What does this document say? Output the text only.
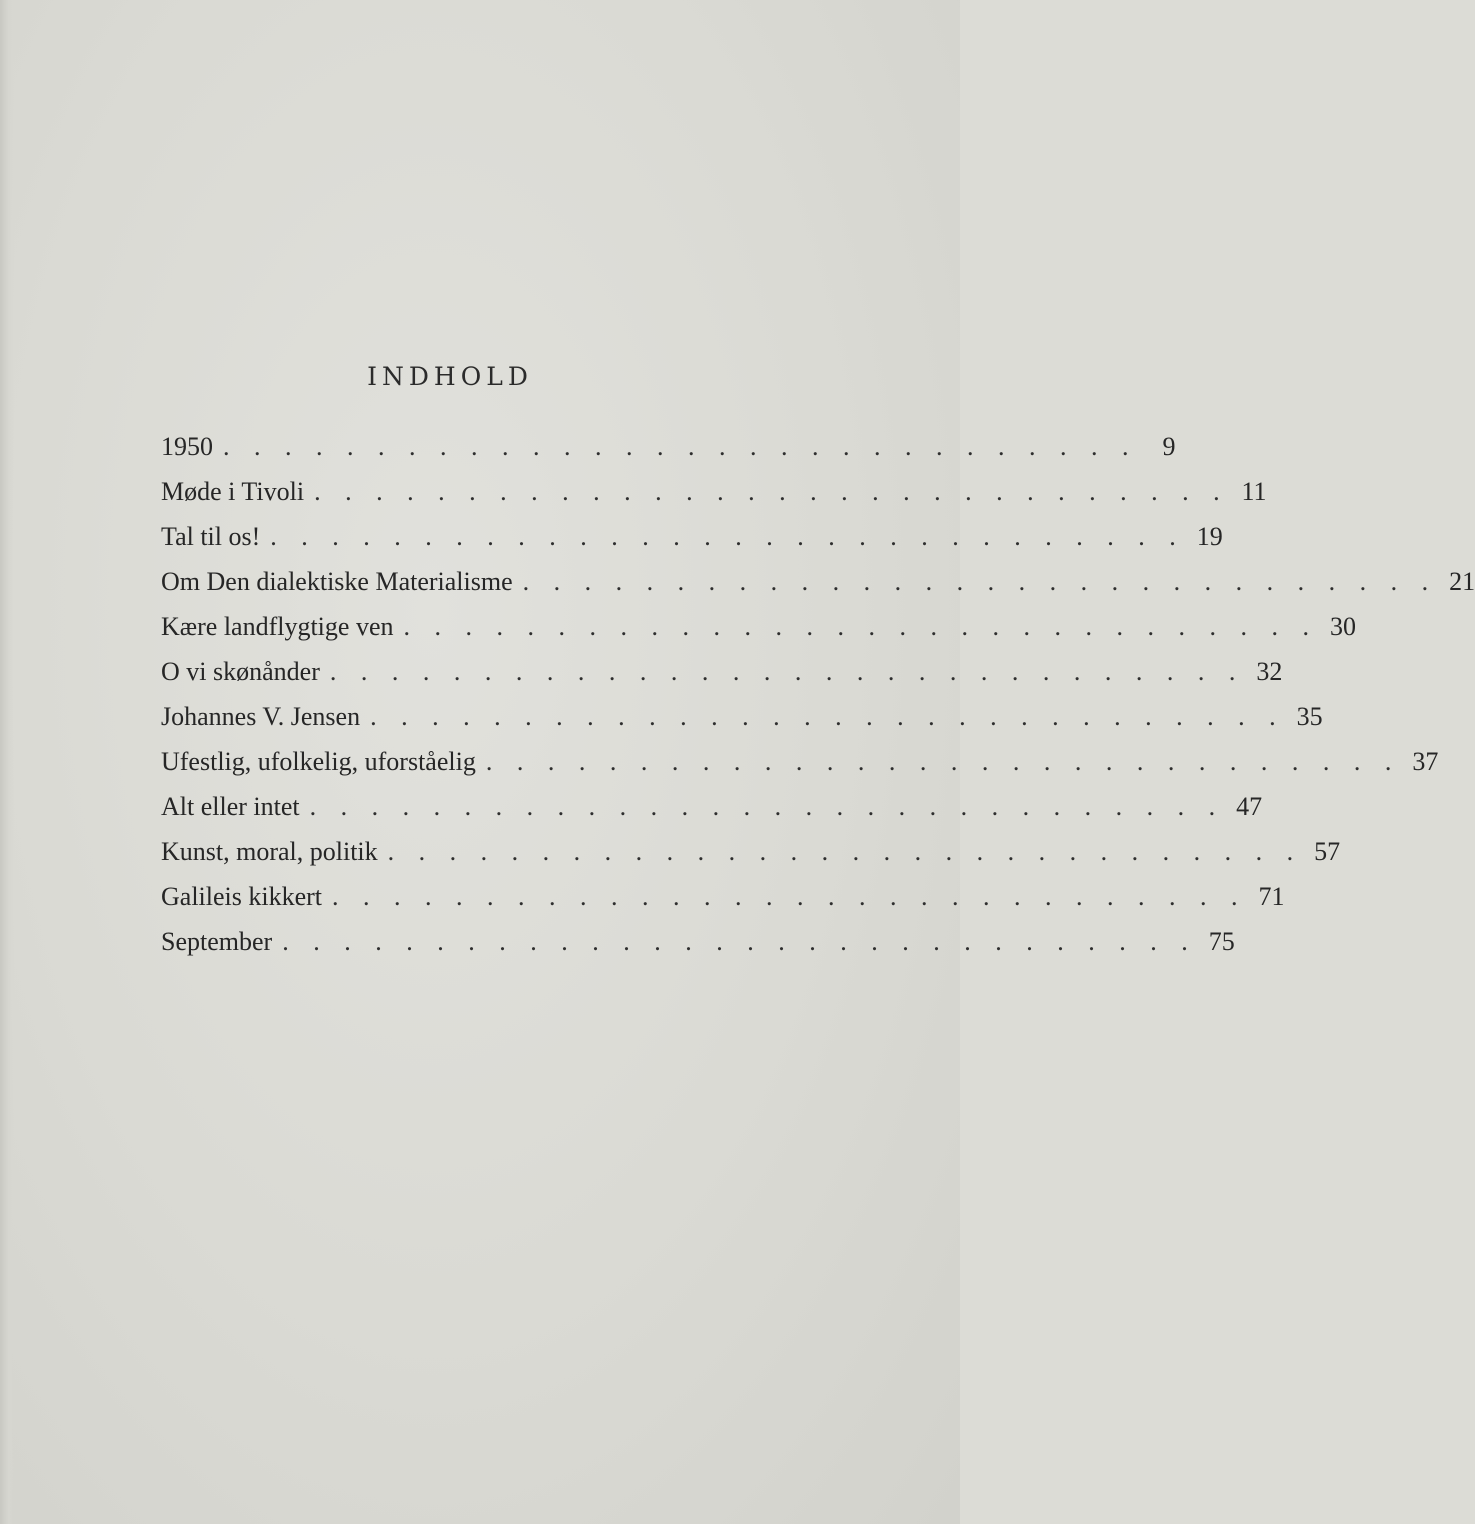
INDHOLD
1950 . . . . . . . . . . . . . . . . . . . . . . . . . . . . . . 9
Møde i Tivoli . . . . . . . . . . . . . . . . . . . . . . . . . . . . . . 11
Tal til os! . . . . . . . . . . . . . . . . . . . . . . . . . . . . . . 19
Om Den dialektiske Materialisme . . . . . . . . . . . . . . . . . . . . . . . . . . . . . . 21
Kære landflygtige ven . . . . . . . . . . . . . . . . . . . . . . . . . . . . . . 30
O vi skønånder . . . . . . . . . . . . . . . . . . . . . . . . . . . . . . 32
Johannes V. Jensen . . . . . . . . . . . . . . . . . . . . . . . . . . . . . . 35
Ufestlig, ufolkelig, uforståelig . . . . . . . . . . . . . . . . . . . . . . . . . . . . . . 37
Alt eller intet . . . . . . . . . . . . . . . . . . . . . . . . . . . . . . 47
Kunst, moral, politik . . . . . . . . . . . . . . . . . . . . . . . . . . . . . . 57
Galileis kikkert . . . . . . . . . . . . . . . . . . . . . . . . . . . . . . 71
September . . . . . . . . . . . . . . . . . . . . . . . . . . . . . . 75
